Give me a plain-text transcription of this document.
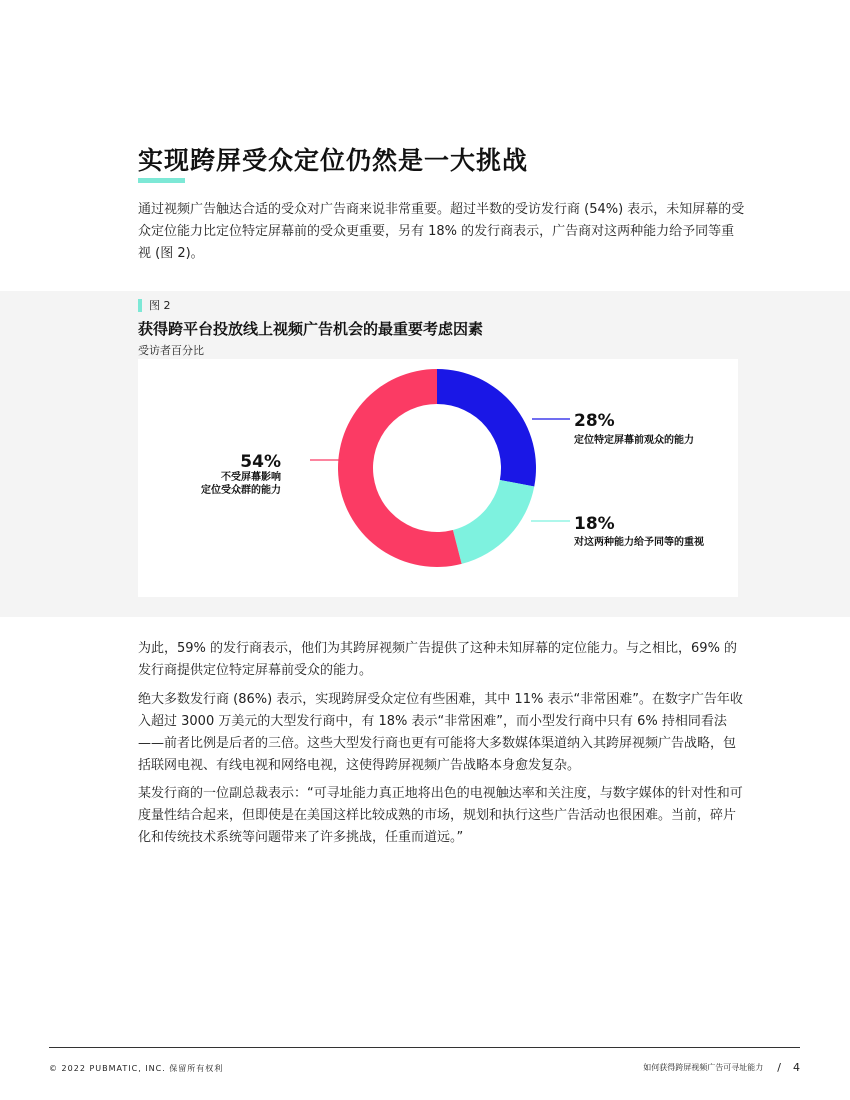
实现跨屏受众定位仍然是一大挑战

通过视频广告触达合适的受众对广告商来说非常重要。超过半数的受访发行商 (54%) 表示，未知屏幕的受众定位能力比定位特定屏幕前的受众更重要，另有 18% 的发行商表示，广告商对这两种能力给予同等重视 (图 2)。

图 2
获得跨平台投放线上视频广告机会的最重要考虑因素
受访者百分比
28%
定位特定屏幕前观众的能力
18%
对这两种能力给予同等的重视
54%
不受屏幕影响
定位受众群的能力

为此，59% 的发行商表示，他们为其跨屏视频广告提供了这种未知屏幕的定位能力。与之相比，69% 的发行商提供定位特定屏幕前受众的能力。

绝大多数发行商 (86%) 表示，实现跨屏受众定位有些困难，其中 11% 表示“非常困难”。在数字广告年收入超过 3000 万美元的大型发行商中，有 18% 表示“非常困难”，而小型发行商中只有 6% 持相同看法——前者比例是后者的三倍。这些大型发行商也更有可能将大多数媒体渠道纳入其跨屏视频广告战略，包括联网电视、有线电视和网络电视，这使得跨屏视频广告战略本身愈发复杂。

某发行商的一位副总裁表示：“可寻址能力真正地将出色的电视触达率和关注度，与数字媒体的针对性和可度量性结合起来，但即使是在美国这样比较成熟的市场，规划和执行这些广告活动也很困难。当前，碎片化和传统技术系统等问题带来了许多挑战，任重而道远。”

© 2022 PUBMATIC, INC. 保留所有权利	如何获得跨屏视频广告可寻址能力 / 4
